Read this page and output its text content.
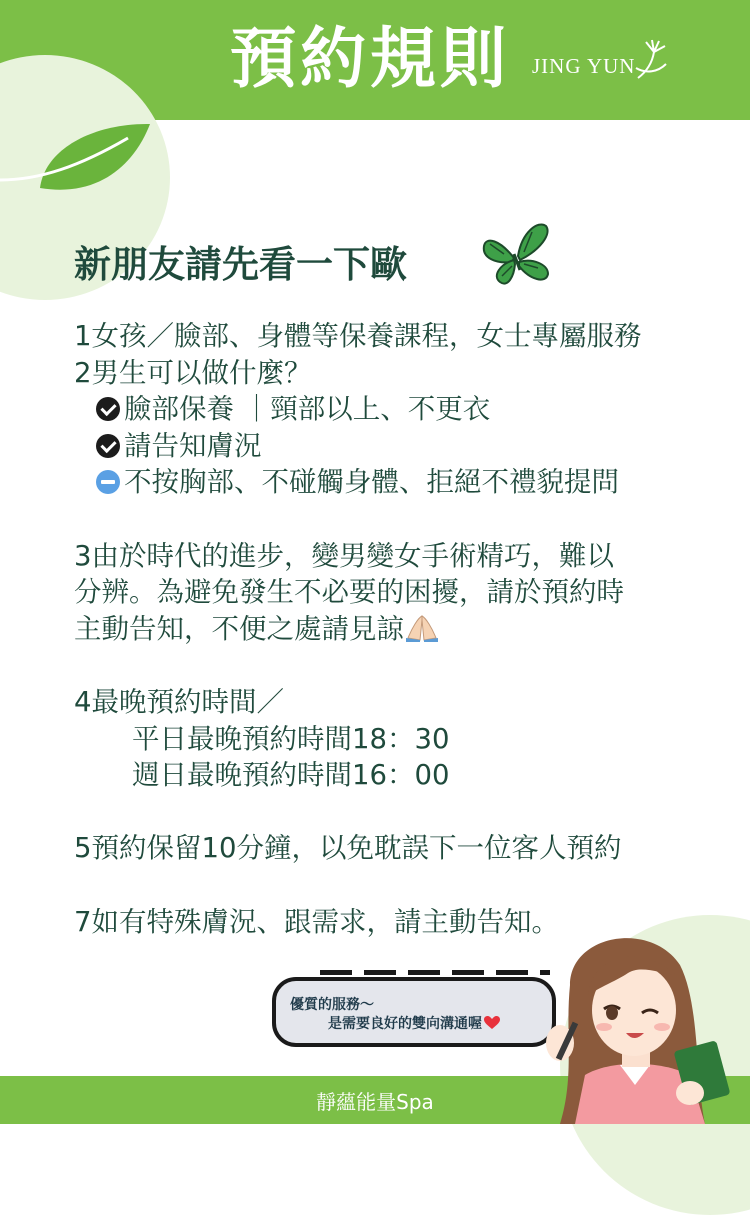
預約規則	JING YUN
新朋友請先看一下歐
1女孩／臉部、身體等保養課程，女士專屬服務
2男生可以做什麼？
臉部保養 ｜頸部以上、不更衣
請告知膚況
不按胸部、不碰觸身體、拒絕不禮貌提問
3由於時代的進步，變男變女手術精巧，難以
分辨。為避免發生不必要的困擾，請於預約時
主動告知，不便之處請見諒
4最晚預約時間／
平日最晚預約時間18：30
週日最晚預約時間16：00
5預約保留10分鐘，以免耽誤下一位客人預約
7如有特殊膚況、跟需求，請主動告知。
優質的服務～
是需要良好的雙向溝通喔
靜蘊能量Spa
